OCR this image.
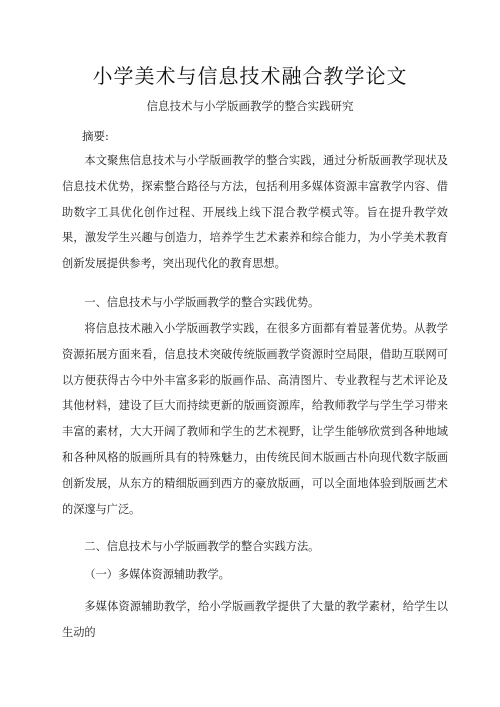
小学美术与信息技术融合教学论文
信息技术与小学版画教学的整合实践研究
摘要:
本文聚焦信息技术与小学版画教学的整合实践，通过分析版画教学现状及信息技术优势，探索整合路径与方法，包括利用多媒体资源丰富教学内容、借助数字工具优化创作过程、开展线上线下混合教学模式等。旨在提升教学效果，激发学生兴趣与创造力，培养学生艺术素养和综合能力，为小学美术教育创新发展提供参考，突出现代化的教育思想。
一、信息技术与小学版画教学的整合实践优势。
将信息技术融入小学版画教学实践，在很多方面都有着显著优势。从教学资源拓展方面来看，信息技术突破传统版画教学资源时空局限，借助互联网可以方便获得古今中外丰富多彩的版画作品、高清图片、专业教程与艺术评论及其他材料，建设了巨大而持续更新的版画资源库，给教师教学与学生学习带来丰富的素材，大大开阔了教师和学生的艺术视野，让学生能够欣赏到各种地域和各种风格的版画所具有的特殊魅力，由传统民间木版画古朴向现代数字版画创新发展，从东方的精细版画到西方的豪放版画，可以全面地体验到版画艺术的深邃与广泛。
二、信息技术与小学版画教学的整合实践方法。
（一）多媒体资源辅助教学。
多媒体资源辅助教学，给小学版画教学提供了大量的教学素材，给学生以生动的
